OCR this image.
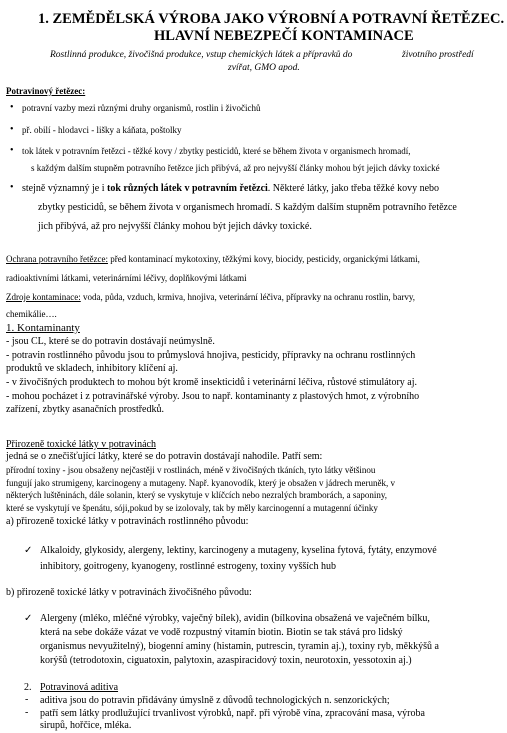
1. ZEMĚDĚLSKÁ VÝROBA JAKO VÝROBNÍ A POTRAVNÍ ŘETĚZEC.
HLAVNÍ NEBEZPEČÍ KONTAMINACE
Rostlinná produkce, živočišná produkce, vstup chemických látek a přípravků do	životního prostředí
zvířat, GMO apod.
Potravinový řetězec:
• potravní vazby mezi různými druhy organismů, rostlin i živočichů
• př. obilí - hlodavci - lišky a káňata, poštolky
• tok látek v potravním řetězci - těžké kovy / zbytky pesticidů, které se během života v organismech hromadí,
s každým dalším stupněm potravního řetězce jich přibývá, až pro nejvyšší články mohou být jejich dávky toxické
• stejně významný je i tok různých látek v potravním řetězci. Některé látky, jako třeba těžké kovy nebo
zbytky pesticidů, se během života v organismech hromadí. S každým dalším stupněm potravního řetězce
jich přibývá, až pro nejvyšší články mohou být jejich dávky toxické.
Ochrana potravního řetězce: před kontaminací mykotoxiny, těžkými kovy, biocidy, pesticidy, organickými látkami,
radioaktivními látkami, veterinárními léčivy, doplňkovými látkami
Zdroje kontaminace: voda, půda, vzduch, krmiva, hnojiva, veterinární léčiva, přípravky na ochranu rostlin, barvy,
chemikálie….
1. Kontaminanty
- jsou CL, které se do potravin dostávají neúmyslně.
- potravin rostlinného původu jsou to průmyslová hnojiva, pesticidy, přípravky na ochranu rostlinných
produktů ve skladech, inhibitory klíčení aj.
- v živočišných produktech to mohou být kromě insekticidů i veterinární léčiva, růstové stimulátory aj.
- mohou pocházet i z potravinářské výroby. Jsou to např. kontaminanty z plastových hmot, z výrobního
zařízení, zbytky asanačních prostředků.
Přirozeně toxické látky v potravinách
jedná se o znečišťující látky, které se do potravin dostávají nahodile. Patří sem:
přírodní toxiny - jsou obsaženy nejčastěji v rostlinách, méně v živočišných tkáních, tyto látky většinou
fungují jako strumigeny, karcinogeny a mutageny. Např. kyanovodík, který je obsažen v jádrech meruněk, v
některých luštěninách, dále solanin, který se vyskytuje v klíčcích nebo nezralých bramborách, a saponiny,
které se vyskytují ve špenátu, sóji,pokud by se izolovaly, tak by měly karcinogenní a mutagenní účinky
a) přirozeně toxické látky v potravinách rostlinného původu:
✓ Alkaloidy, glykosidy, alergeny, lektiny, karcinogeny a mutageny, kyselina fytová, fytáty, enzymové
inhibitory, goitrogeny, kyanogeny, rostlinné estrogeny, toxiny vyšších hub
b) přirozeně toxické látky v potravinách živočišného původu:
✓ Alergeny (mléko, mléčné výrobky, vaječný bílek), avidin (bílkovina obsažená ve vaječném bílku,
která na sebe dokáže vázat ve vodě rozpustný vitamín biotin. Biotin se tak stává pro lidský
organismus nevyužitelný), biogenní aminy (histamin, putrescin, tyramin aj.), toxiny ryb, měkkýšů a
korýšů (tetrodotoxin, ciguatoxin, palytoxin, azaspiracidový toxin, neurotoxin, yessotoxin aj.)
2. Potravinová aditiva
- aditiva jsou do potravin přidávány úmyslně z důvodů technologických n. senzorických;
- patří sem látky prodlužující trvanlivost výrobků, např. při výrobě vína, zpracování masa, výroba
sirupů, hořčice, mléka.
